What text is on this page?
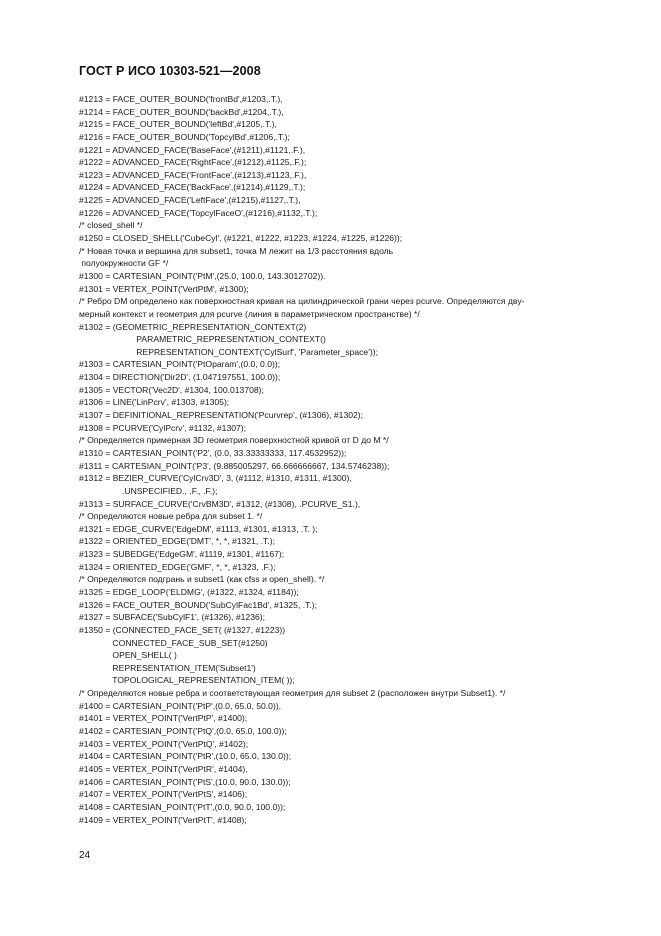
ГОСТ Р ИСО 10303-521—2008
#1213 = FACE_OUTER_BOUND('frontBd',#1203,.T.),
#1214 = FACE_OUTER_BOUND('backBd',#1204,.T.),
#1215 = FACE_OUTER_BOUND('leftBd',#1205,.T.),
#1216 = FACE_OUTER_BOUND('TopcylBd',#1206,.T.);
#1221 = ADVANCED_FACE('BaseFace',(#1211),#1121,.F.),
#1222 = ADVANCED_FACE('RightFace',(#1212),#1125,.F.);
#1223 = ADVANCED_FACE('FrontFace',(#1213),#1123,.F.),
#1224 = ADVANCED_FACE('BackFace',(#1214),#1129,.T.);
#1225 = ADVANCED_FACE('LeftFace',(#1215),#1127,.T.),
#1226 = ADVANCED_FACE('TopcylFaceO',(#1216),#1132,.T.);
/* closed_shell */
#1250 = CLOSED_SHELL('CubeCyl', (#1221, #1222, #1223, #1224, #1225, #1226));
/* Новая точка и вершина для subset1, точка М лежит на 1/3 расстояния вдоль
полуокружности GF */
#1300 = CARTESIAN_POINT('PtM',(25.0, 100.0, 143.3012702)).
#1301 = VERTEX_POINT('VertPtM', #1300);
/* Ребро DM определено как поверхностная кривая на цилиндрической грани через pcurve. Определяются дву-
мерный контекст и геометрия для pcurve (линия в параметрическом пространстве) */
#1302 = (GEOMETRIC_REPRESENTATION_CONTEXT(2)
PARAMETRIC_REPRESENTATION_CONTEXT()
REPRESENTATION_CONTEXT('CylSurf', 'Parameter_space'));
#1303 = CARTESIAN_POINT('PtOparam',(0.0, 0.0));
#1304 = DIRECTION('Dir2D', (1.047197551, 100.0));
#1305 = VECTOR('Vec2D', #1304, 100.013708);
#1306 = LINE('LinPcrv', #1303, #1305);
#1307 = DEFINITIONAL_REPRESENTATION('Pcurvrep', (#1306), #1302);
#1308 = PCURVE('CylPcrv', #1132, #1307);
/* Определяется примерная 3D геометрия поверхностной кривой от D до M */
#1310 = CARTESIAN_POINT('P2', (0.0, 33.33333333, 117.4532952));
#1311 = CARTESIAN_POINT('P3', (9.885005297, 66.666666667, 134.5746238));
#1312 = BEZIER_CURVE('CylCrv3D', 3, (#1112, #1310, #1311, #1300),
.UNSPECIFIED., .F., .F.);
#1313 = SURFACE_CURVE('CrvBM3D', #1312, (#1308), .PCURVE_S1.),
/* Определяются новые ребра для subset 1. */
#1321 = EDGE_CURVE('EdgeDM', #1113, #1301, #1313, .T. );
#1322 = ORIENTED_EDGE('DMT', *, *, #1321, .T.);
#1323 = SUBEDGE('EdgeGM', #1119, #1301, #1167);
#1324 = ORIENTED_EDGE('GMF', *, *, #1323, .F.);
/* Определяются подгрань и subset1 (как cfss и open_shell). */
#1325 = EDGE_LOOP('ELDMG', (#1322, #1324, #1184));
#1326 = FACE_OUTER_BOUND('SubCylFac1Bd', #1325, .T.);
#1327 = SUBFACE('SubCylF1', (#1326), #1236);
#1350 = (CONNECTED_FACE_SET( (#1327, #1223))
CONNECTED_FACE_SUB_SET(#1250)
OPEN_SHELL( )
REPRESENTATION_ITEM('Subset1')
TOPOLOGICAL_REPRESENTATION_ITEM( ));
/* Определяются новые ребра и соответствующая геометрия для subset 2 (расположен внутри Subset1). */
#1400 = CARTESIAN_POINT('PtP',(0.0, 65.0, 50.0)),
#1401 = VERTEX_POINT('VertPtP', #1400);
#1402 = CARTESIAN_POINT('PtQ',(0.0, 65.0, 100.0));
#1403 = VERTEX_POINT('VertPtQ', #1402);
#1404 = CARTESIAN_POINT('PtR',(10.0, 65.0, 130.0));
#1405 = VERTEX_POINT('VertPtR', #1404),
#1406 = CARTESIAN_POINT('PtS',(10.0, 90.0, 130.0));
#1407 = VERTEX_POINT('VertPtS', #1406);
#1408 = CARTESIAN_POINT('PtT',(0.0, 90.0, 100.0));
#1409 = VERTEX_POINT('VertPtT', #1408);
24
